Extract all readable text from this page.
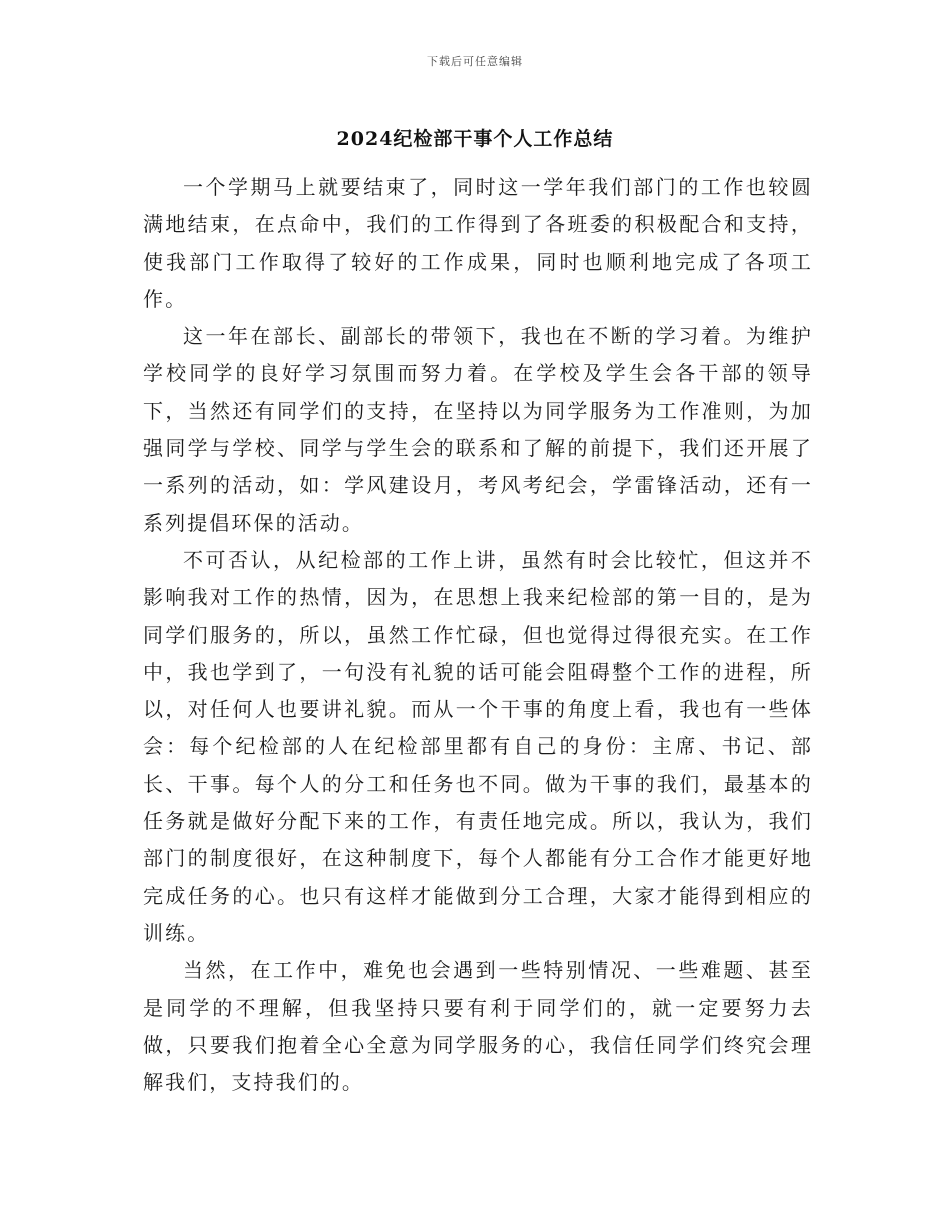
下载后可任意编辑
2024纪检部干事个人工作总结

一个学期马上就要结束了，同时这一学年我们部门的工作也较圆满地结束，在点命中，我们的工作得到了各班委的积极配合和支持，使我部门工作取得了较好的工作成果，同时也顺利地完成了各项工作。

这一年在部长、副部长的带领下，我也在不断的学习着。为维护学校同学的良好学习氛围而努力着。在学校及学生会各干部的领导下，当然还有同学们的支持，在坚持以为同学服务为工作准则，为加强同学与学校、同学与学生会的联系和了解的前提下，我们还开展了一系列的活动，如：学风建设月，考风考纪会，学雷锋活动，还有一系列提倡环保的活动。

不可否认，从纪检部的工作上讲，虽然有时会比较忙，但这并不影响我对工作的热情，因为，在思想上我来纪检部的第一目的，是为同学们服务的，所以，虽然工作忙碌，但也觉得过得很充实。在工作中，我也学到了，一句没有礼貌的话可能会阻碍整个工作的进程，所以，对任何人也要讲礼貌。而从一个干事的角度上看，我也有一些体会：每个纪检部的人在纪检部里都有自己的身份：主席、书记、部长、干事。每个人的分工和任务也不同。做为干事的我们，最基本的任务就是做好分配下来的工作，有责任地完成。所以，我认为，我们部门的制度很好，在这种制度下，每个人都能有分工合作才能更好地完成任务的心。也只有这样才能做到分工合理，大家才能得到相应的训练。

当然，在工作中，难免也会遇到一些特别情况、一些难题、甚至是同学的不理解，但我坚持只要有利于同学们的，就一定要努力去做，只要我们抱着全心全意为同学服务的心，我信任同学们终究会理解我们，支持我们的。
